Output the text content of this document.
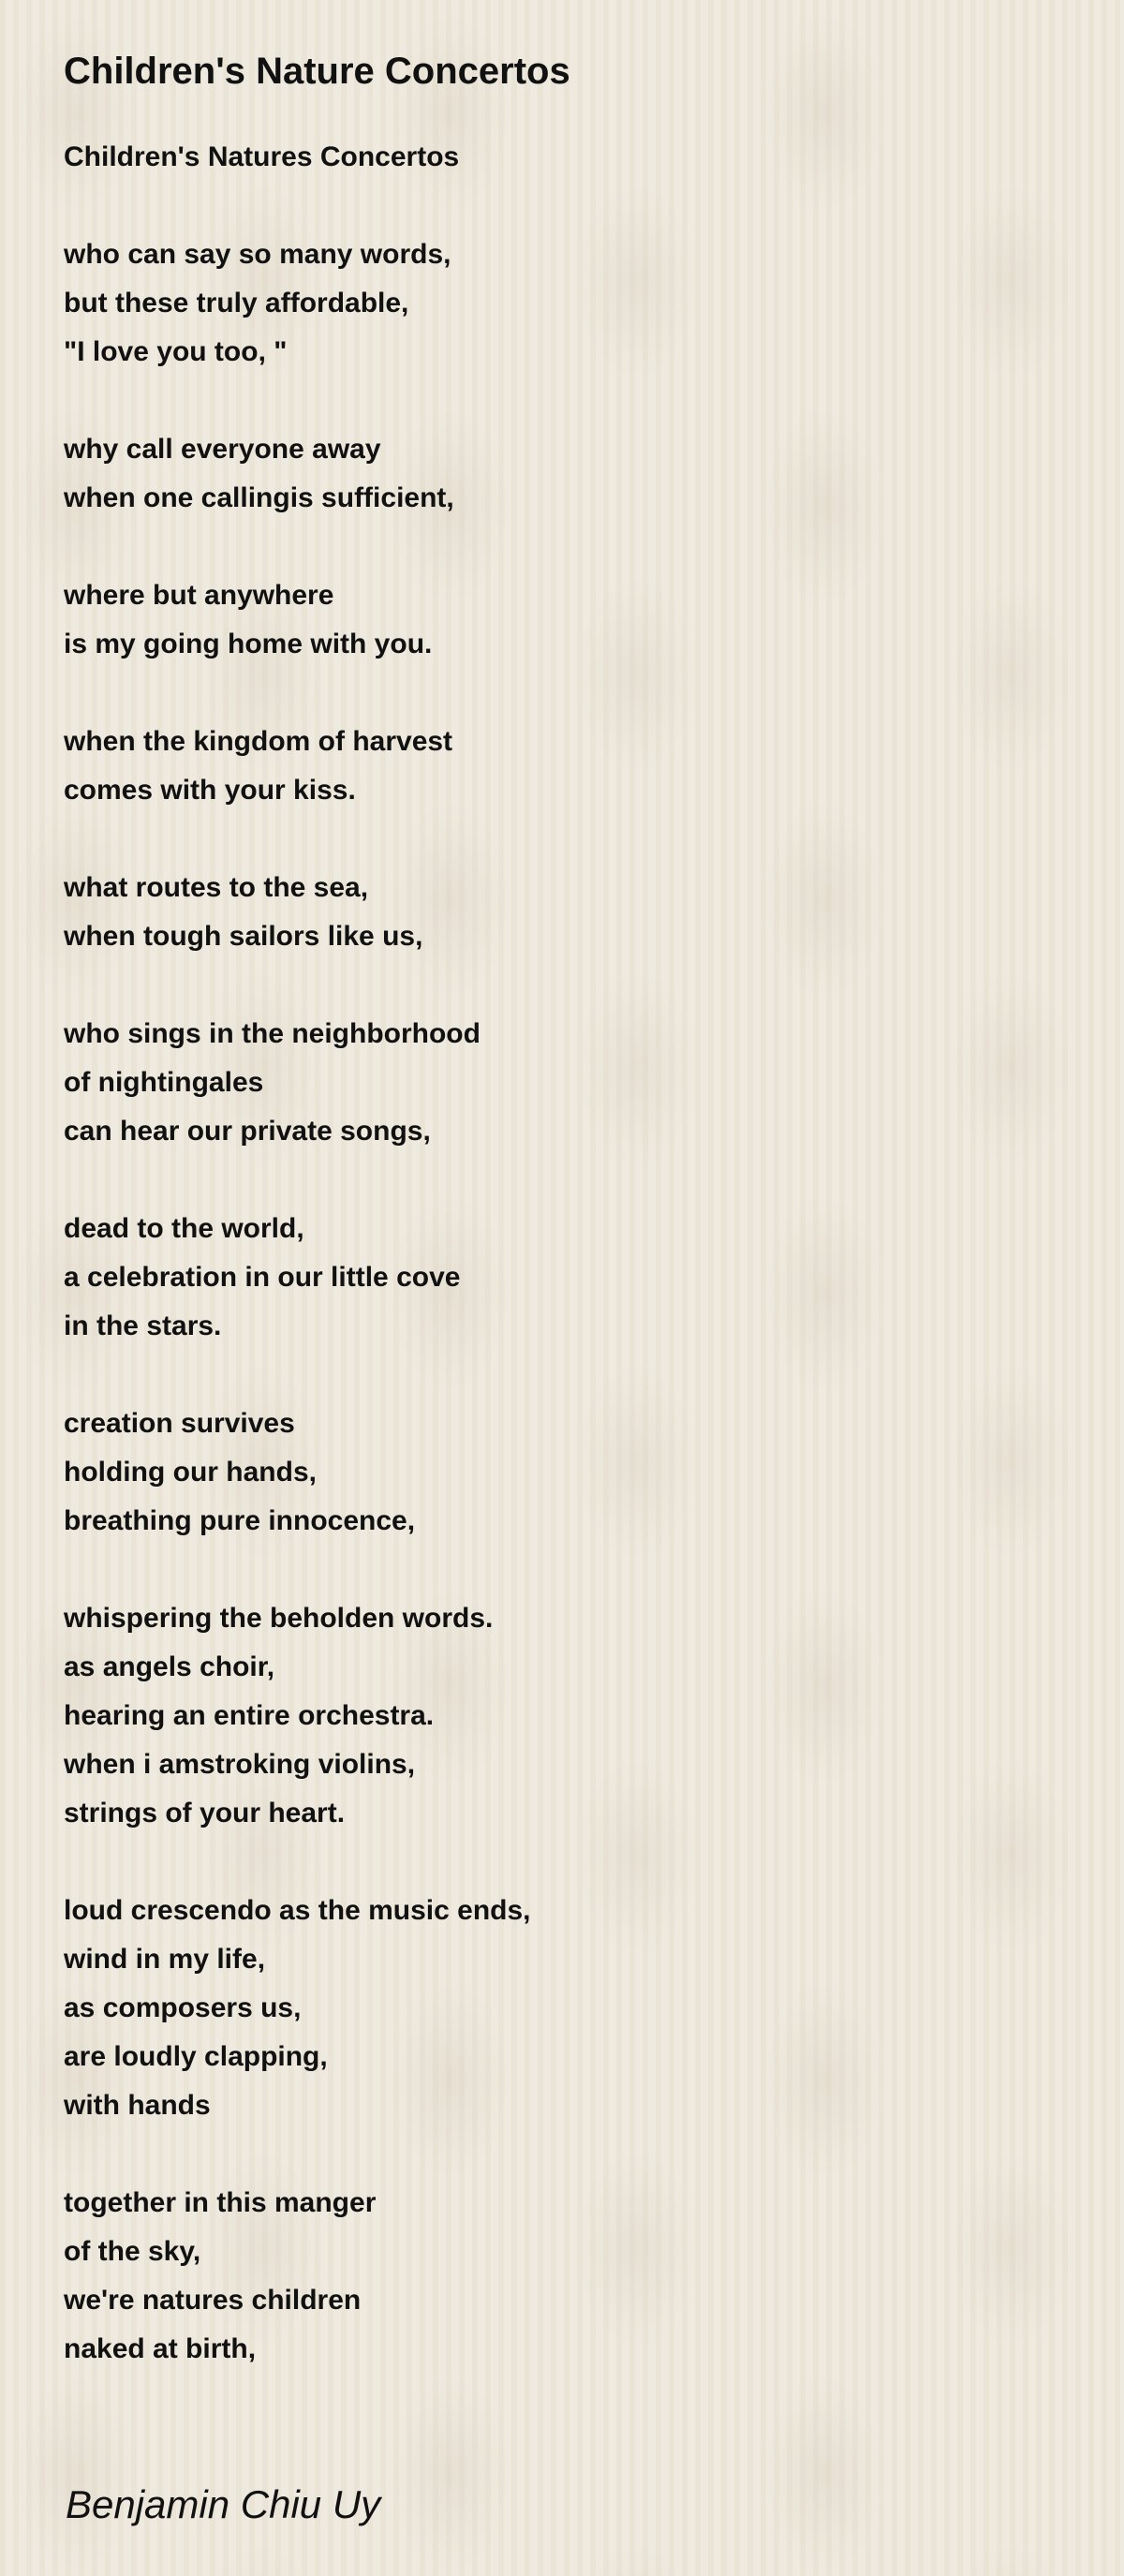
Children's Nature Concertos
Children's Natures Concertos
who can say so many words,
but these truly affordable,
"I love you too, "
why call everyone away
when one callingis sufficient,
where but anywhere
is my going home with you.
when the kingdom of harvest
comes with your kiss.
what routes to the sea,
when tough sailors like us,
who sings in the neighborhood
of nightingales
can hear our private songs,
dead to the world,
a celebration in our little cove
in the stars.
creation survives
holding our hands,
breathing pure innocence,
whispering the beholden words.
as angels choir,
hearing an entire orchestra.
when i amstroking violins,
strings of your heart.
loud crescendo as the music ends,
wind in my life,
as composers us,
are loudly clapping,
with hands
together in this manger
of the sky,
we're natures children
naked at birth,

Benjamin Chiu Uy
